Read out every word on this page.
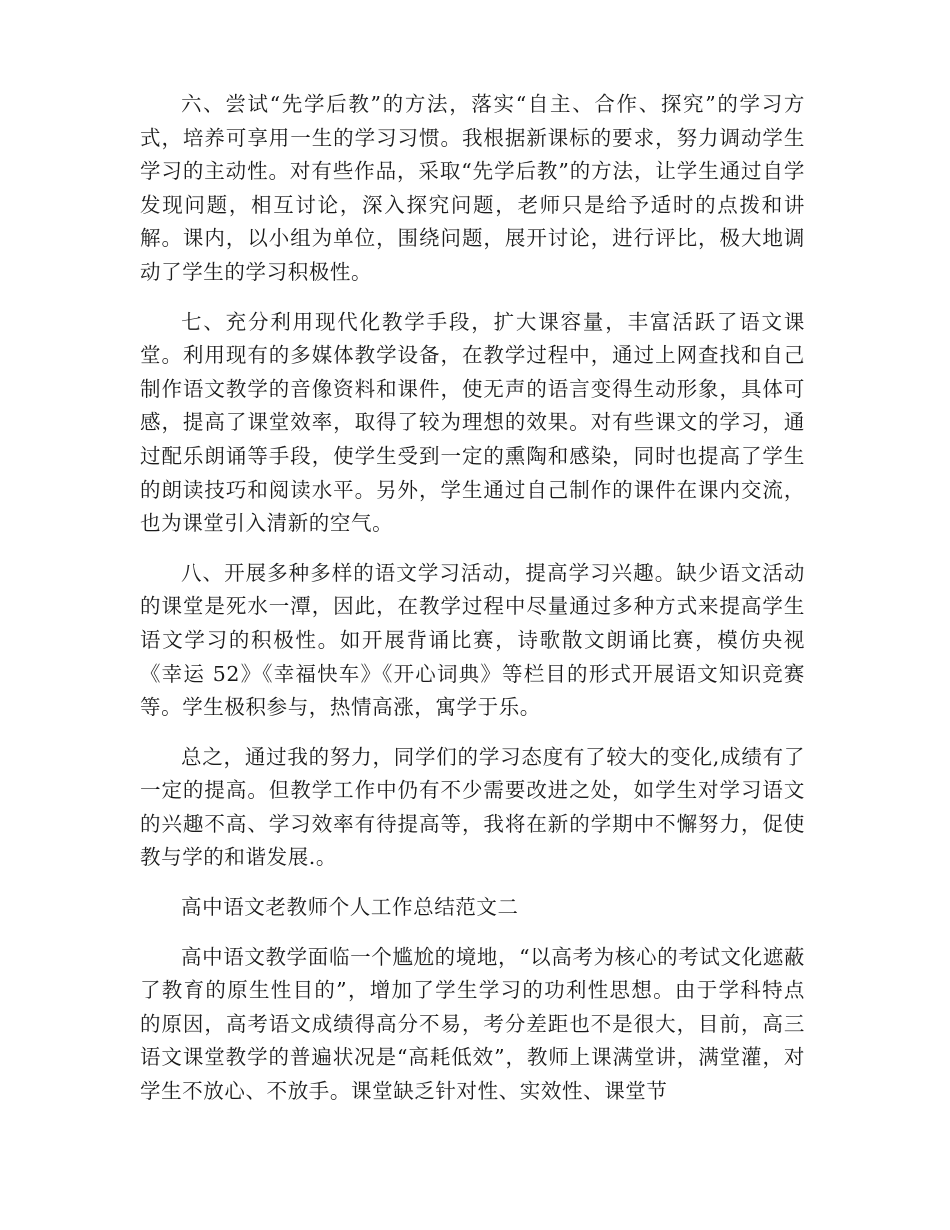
六、尝试“先学后教”的方法，落实“自主、合作、探究”的学习方式，培养可享用一生的学习习惯。我根据新课标的要求，努力调动学生学习的主动性。对有些作品，采取“先学后教”的方法，让学生通过自学发现问题，相互讨论，深入探究问题，老师只是给予适时的点拨和讲解。课内，以小组为单位，围绕问题，展开讨论，进行评比，极大地调动了学生的学习积极性。

七、充分利用现代化教学手段，扩大课容量，丰富活跃了语文课堂。利用现有的多媒体教学设备，在教学过程中，通过上网查找和自己制作语文教学的音像资料和课件，使无声的语言变得生动形象，具体可感，提高了课堂效率，取得了较为理想的效果。对有些课文的学习，通过配乐朗诵等手段，使学生受到一定的熏陶和感染，同时也提高了学生的朗读技巧和阅读水平。另外，学生通过自己制作的课件在课内交流，也为课堂引入清新的空气。

八、开展多种多样的语文学习活动，提高学习兴趣。缺少语文活动的课堂是死水一潭，因此，在教学过程中尽量通过多种方式来提高学生语文学习的积极性。如开展背诵比赛，诗歌散文朗诵比赛，模仿央视《幸运 52》《幸福快车》《开心词典》等栏目的形式开展语文知识竞赛等。学生极积参与，热情高涨，寓学于乐。

总之，通过我的努力，同学们的学习态度有了较大的变化,成绩有了一定的提高。但教学工作中仍有不少需要改进之处，如学生对学习语文的兴趣不高、学习效率有待提高等，我将在新的学期中不懈努力，促使教与学的和谐发展.。

高中语文老教师个人工作总结范文二

高中语文教学面临一个尴尬的境地，“以高考为核心的考试文化遮蔽了教育的原生性目的”，增加了学生学习的功利性思想。由于学科特点的原因，高考语文成绩得高分不易，考分差距也不是很大，目前，高三语文课堂教学的普遍状况是“高耗低效”，教师上课满堂讲，满堂灌，对学生不放心、不放手。课堂缺乏针对性、实效性、课堂节
